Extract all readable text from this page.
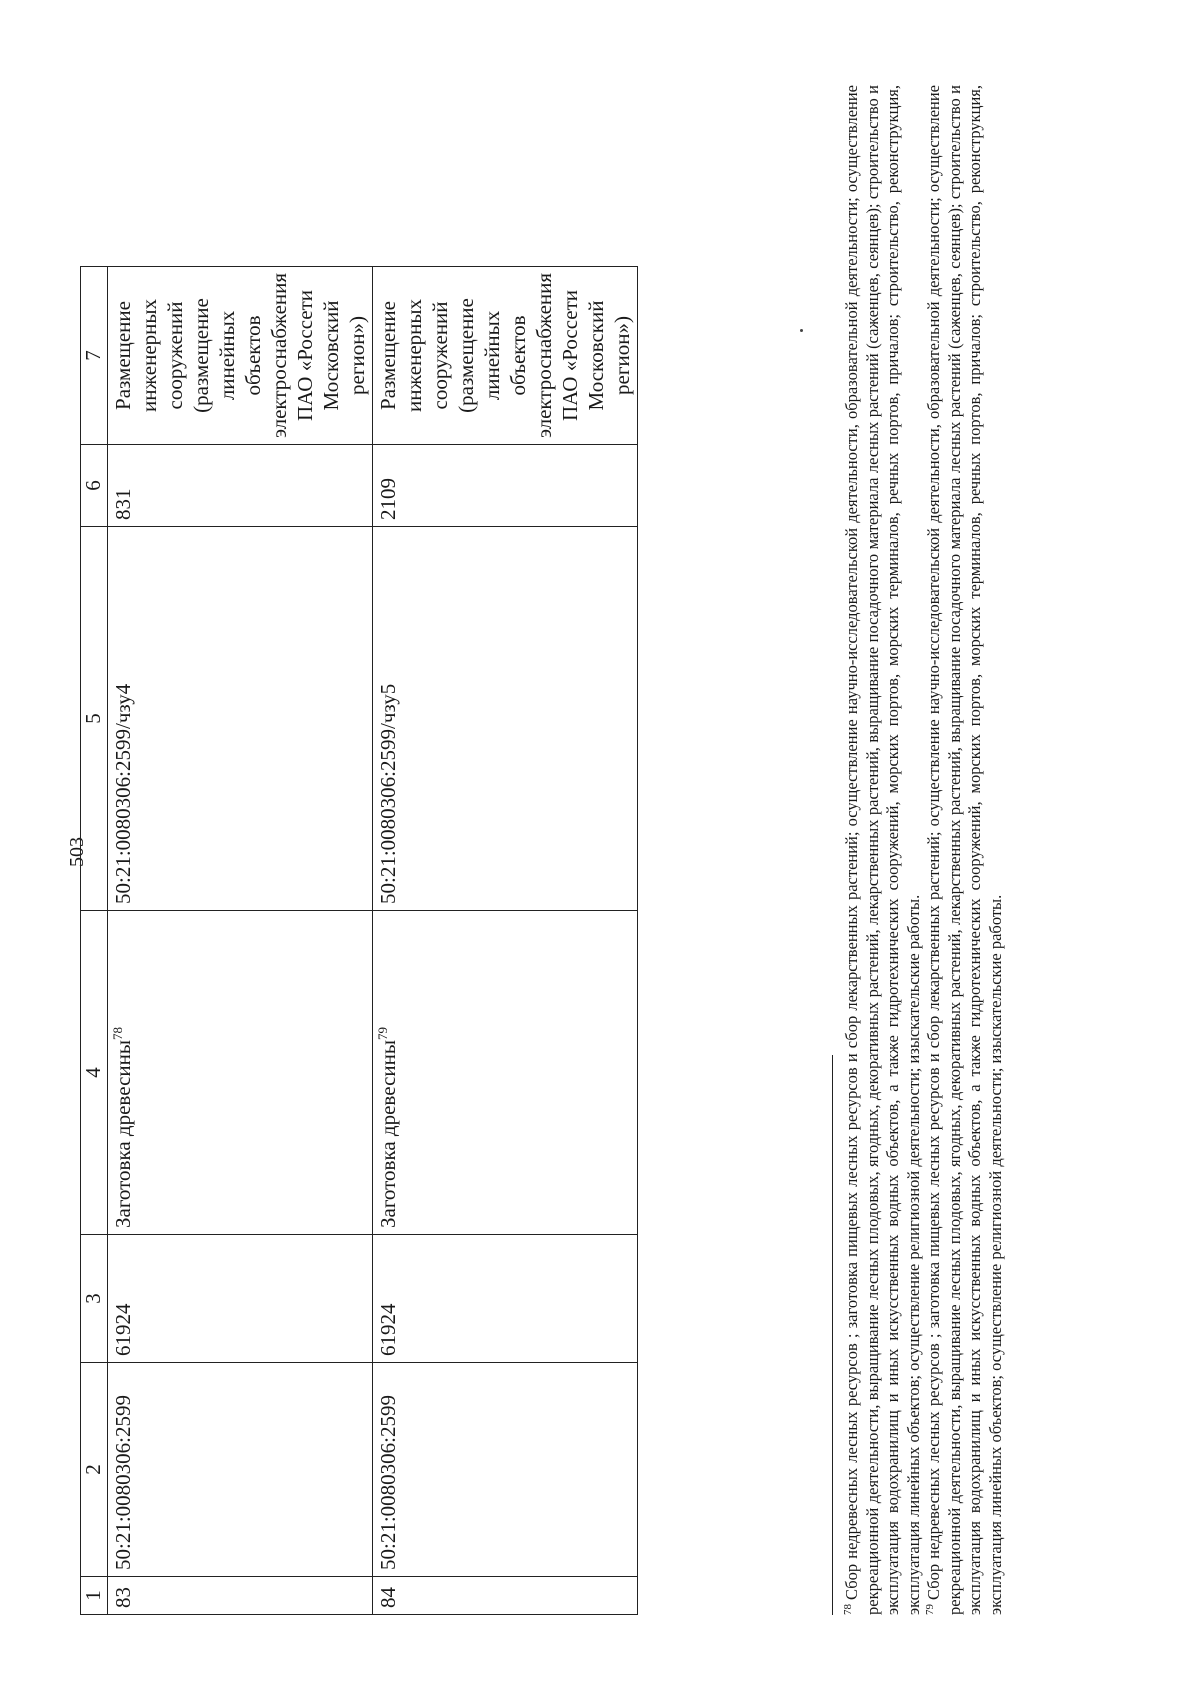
503
1	2	3	4	5	6	7
83	50:21:0080306:2599	61924	Заготовка древесины$^{78}$	50:21:0080306:2599/чзу4	831	Размещение инженерных сооружений (размещение линейных объектов электроснабжения ПАО «Россети Московский регион»)
84	50:21:0080306:2599	61924	Заготовка древесины$^{79}$	50:21:0080306:2599/чзу5	2109	Размещение инженерных сооружений (размещение линейных объектов электроснабжения ПАО «Россети Московский регион»)

$^{78}$Сбор недревесных лесных ресурсов ; заготовка пищевых лесных ресурсов и сбор лекарственных растений; осуществление научно-исследовательской деятельности, образовательной деятельности; осуществление рекреационной деятельности, выращивание лесных плодовых, ягодных, декоративных растений, лекарственных растений, выращивание посадочного материала лесных растений (саженцев, сеянцев); строительство и эксплуатация водохранилищ и иных искусственных водных объектов, а также гидротехнических сооружений, морских портов, морских терминалов, речных портов, причалов; строительство, реконструкция, эксплуатация линейных объектов; осуществление религиозной деятельности; изыскательские работы. $^{79}$Сбор недревесных лесных ресурсов ; заготовка пищевых лесных ресурсов и сбор лекарственных растений; осуществление научно-исследовательской деятельности, образовательной деятельности; осуществление рекреационной деятельности, выращивание лесных плодовых, ягодных, декоративных растений, лекарственных растений, выращивание посадочного материала лесных растений (саженцев, сеянцев); строительство и эксплуатация водохранилищ и иных искусственных водных объектов, а также гидротехнических сооружений, морских портов, морских терминалов, речных портов, причалов; строительство, реконструкция, эксплуатация линейных объектов; осуществление религиозной деятельности; изыскательские работы.
